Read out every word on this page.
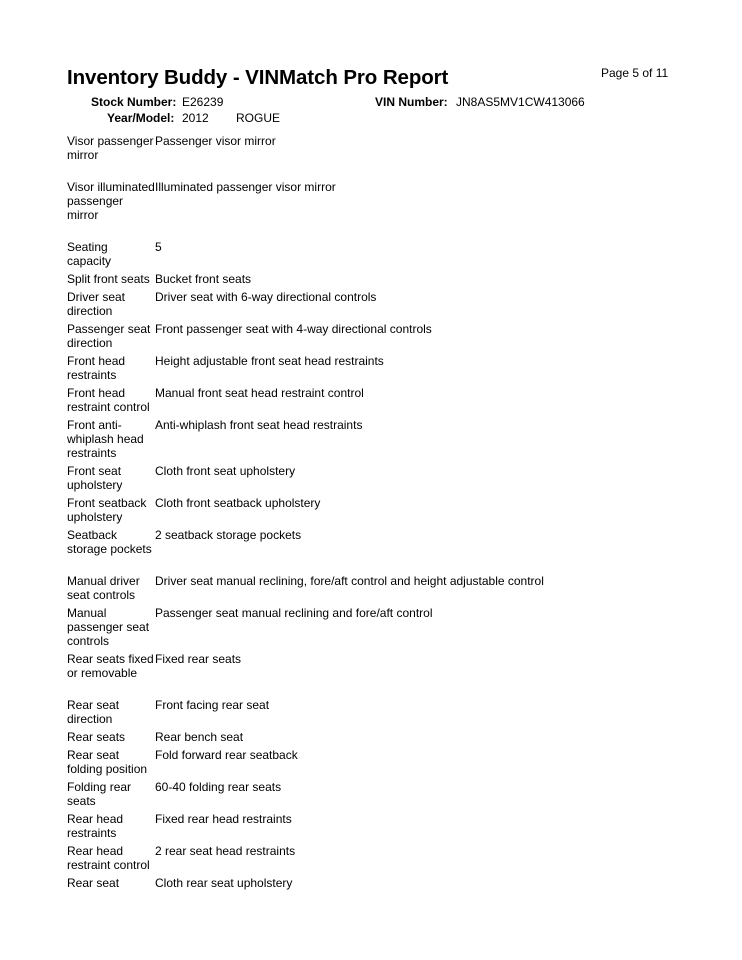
Page 5 of 11
Inventory Buddy - VINMatch Pro Report
Stock Number: E26239	VIN Number: JN8AS5MV1CW413066
Year/Model: 2012 ROGUE
Visor passenger mirror	Passenger visor mirror
Visor illuminated passenger mirror	Illuminated passenger visor mirror
Seating capacity	5
Split front seats	Bucket front seats
Driver seat direction	Driver seat with 6-way directional controls
Passenger seat direction	Front passenger seat with 4-way directional controls
Front head restraints	Height adjustable front seat head restraints
Front head restraint control	Manual front seat head restraint control
Front anti-whiplash head restraints	Anti-whiplash front seat head restraints
Front seat upholstery	Cloth front seat upholstery
Front seatback upholstery	Cloth front seatback upholstery
Seatback storage pockets	2 seatback storage pockets
Manual driver seat controls	Driver seat manual reclining, fore/aft control and height adjustable control
Manual passenger seat controls	Passenger seat manual reclining and fore/aft control
Rear seats fixed or removable	Fixed rear seats
Rear seat direction	Front facing rear seat
Rear seats	Rear bench seat
Rear seat folding position	Fold forward rear seatback
Folding rear seats	60-40 folding rear seats
Rear head restraints	Fixed rear head restraints
Rear head restraint control	2 rear seat head restraints
Rear seat	Cloth rear seat upholstery
